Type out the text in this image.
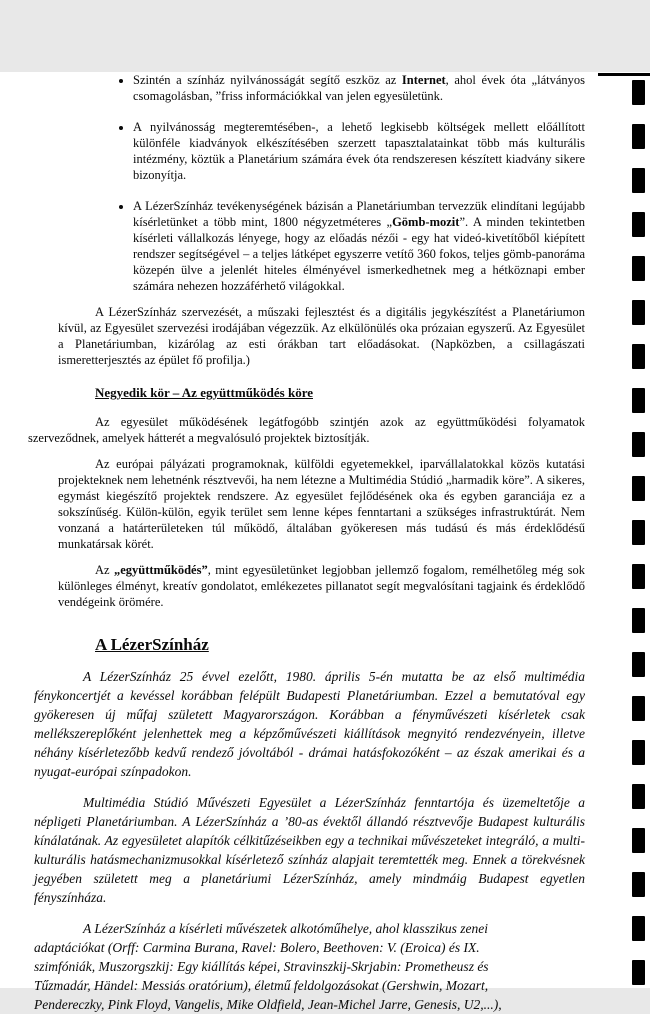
• Szintén a színház nyilvánosságát segítő eszköz az Internet, ahol évek óta „látványos csomagolásban, ”friss információkkal van jelen egyesületünk.
• A nyilvánosság megteremtésében-, a lehető legkisebb költségek mellett előállított különféle kiadványok elkészítésében szerzett tapasztalatainkat több más kulturális intézmény, köztük a Planetárium számára évek óta rendszeresen készített kiadvány sikere bizonyítja.
• A LézerSzínház tevékenységének bázisán a Planetáriumban tervezzük elindítani legújabb kísérletünket a több mint, 1800 négyzetméteres „Gömb-mozit”. A minden tekintetben kísérleti vállalkozás lényege, hogy az előadás nézői - egy hat videó-kivetítőből kiépített rendszer segítségével – a teljes látképet egyszerre vetítő 360 fokos, teljes gömb-panoráma közepén ülve a jelenlét hiteles élményével ismerkedhetnek meg a hétköznapi ember számára nehezen hozzáférhető világokkal.

A LézerSzínház szervezését, a műszaki fejlesztést és a digitális jegykészítést a Planetáriumon kívül, az Egyesület szervezési irodájában végezzük. Az elkülönülés oka prózaian egyszerű. Az Egyesület a Planetáriumban, kizárólag az esti órákban tart előadásokat. (Napközben, a csillagászati ismeretterjesztés az épület fő profilja.)

Negyedik kör – Az együttműködés köre

Az egyesület működésének legátfogóbb szintjén azok az együttműködési folyamatok szerveződnek, amelyek hátterét a megvalósuló projektek biztosítják.

Az európai pályázati programoknak, külföldi egyetemekkel, iparvállalatokkal közös kutatási projekteknek nem lehetnénk résztvevői, ha nem létezne a Multimédia Stúdió „harmadik köre”. A sikeres, egymást kiegészítő projektek rendszere. Az egyesület fejlődésének oka és egyben garanciája ez a sokszínűség. Külön-külön, egyik terület sem lenne képes fenntartani a szükséges infrastruktúrát. Nem vonzaná a határterületeken túl működő, általában gyökeresen más tudású és más érdeklődésű munkatársak körét.

Az „együttműködés”, mint egyesületünket legjobban jellemző fogalom, remélhetőleg még sok különleges élményt, kreatív gondolatot, emlékezetes pillanatot segít megvalósítani tagjaink és érdeklődő vendégeink örömére.

A LézerSzínház

A LézerSzínház 25 évvel ezelőtt, 1980. április 5-én mutatta be az első multimédia fénykoncertjét a kevéssel korábban felépült Budapesti Planetáriumban. Ezzel a bemutatóval egy gyökeresen új műfaj született Magyarországon. Korábban a fényművészeti kísérletek csak mellékszereplőként jelenhettek meg a képzőművészeti kiállítások megnyitó rendezvényein, illetve néhány kísérletezőbb kedvű rendező jóvoltából - drámai hatásfokozóként – az észak amerikai és a nyugat-európai színpadokon.

Multimédia Stúdió Művészeti Egyesület a LézerSzínház fenntartója és üzemeltetője a népligeti Planetáriumban. A LézerSzínház a ’80-as évektől állandó résztvevője Budapest kulturális kínálatának. Az egyesületet alapítók célkitűzéseikben egy a technikai művészeteket integráló, a multi-kulturális hatásmechanizmusokkal kísérletező színház alapjait teremtették meg. Ennek a törekvésnek jegyében született meg a planetáriumi LézerSzínház, amely mindmáig Budapest egyetlen fényszínháza.

A LézerSzínház a kísérleti művészetek alkotóműhelye, ahol klasszikus zenei adaptációkat (Orff: Carmina Burana, Ravel: Bolero, Beethoven: V. (Eroica) és IX. szimfóniák, Muszorgszkij: Egy kiállítás képei, Stravinszkij-Skrjabin: Prometheusz és Tűzmadár, Händel: Messiás oratórium), életmű feldolgozásokat (Gershwin, Mozart, Pendereczky, Pink Floyd, Vangelis, Mike Oldfield, Jean-Michel Jarre, Genesis, U2,...),
